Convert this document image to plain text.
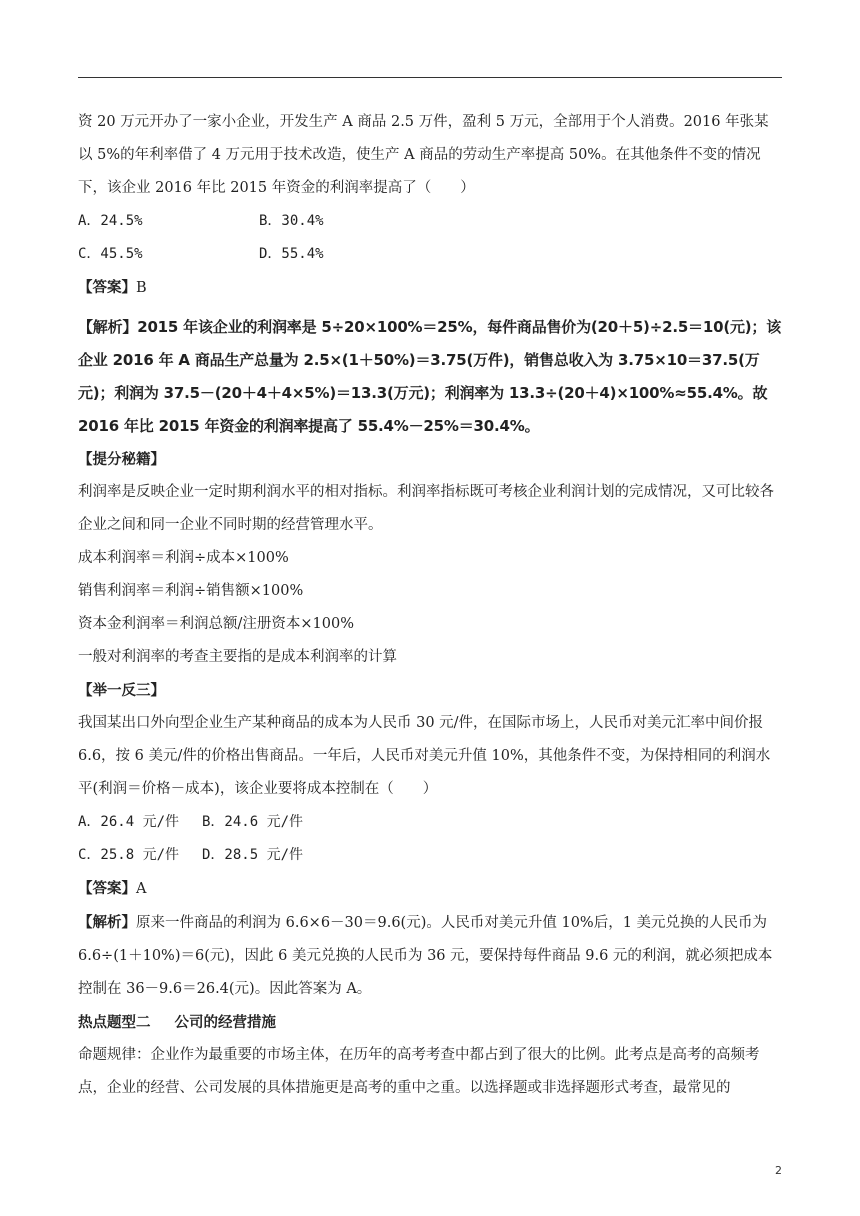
资 20 万元开办了一家小企业，开发生产 A 商品 2.5 万件，盈利 5 万元，全部用于个人消费。2016 年张某以 5%的年利率借了 4 万元用于技术改造，使生产 A 商品的劳动生产率提高 50%。在其他条件不变的情况下，该企业 2016 年比 2015 年资金的利润率提高了（　　）

A．24.5%	B．30.4%
C．45.5%	D．55.4%

【答案】B

【解析】2015 年该企业的利润率是 5÷20×100%＝25%，每件商品售价为(20＋5)÷2.5＝10(元)；该企业 2016 年 A 商品生产总量为 2.5×(1＋50%)＝3.75(万件)，销售总收入为 3.75×10＝37.5(万元)；利润为 37.5－(20＋4＋4×5%)＝13.3(万元)；利润率为 13.3÷(20＋4)×100%≈55.4%。故 2016 年比 2015 年资金的利润率提高了 55.4%－25%＝30.4%。

【提分秘籍】

利润率是反映企业一定时期利润水平的相对指标。利润率指标既可考核企业利润计划的完成情况，又可比较各企业之间和同一企业不同时期的经营管理水平。

成本利润率＝利润÷成本×100%

销售利润率＝利润÷销售额×100%

资本金利润率＝利润总额/注册资本×100%

一般对利润率的考查主要指的是成本利润率的计算

【举一反三】

我国某出口外向型企业生产某种商品的成本为人民币 30 元/件，在国际市场上，人民币对美元汇率中间价报 6.6，按 6 美元/件的价格出售商品。一年后，人民币对美元升值 10%，其他条件不变，为保持相同的利润水平(利润＝价格－成本)，该企业要将成本控制在（　　）

A．26.4 元/件	B．24.6 元/件
C．25.8 元/件	D．28.5 元/件

【答案】A

【解析】原来一件商品的利润为 6.6×6－30＝9.6(元)。人民币对美元升值 10%后，1 美元兑换的人民币为 6.6÷(1＋10%)＝6(元)，因此 6 美元兑换的人民币为 36 元，要保持每件商品 9.6 元的利润，就必须把成本控制在 36－9.6＝26.4(元)。因此答案为 A。

热点题型二 公司的经营措施

命题规律：企业作为最重要的市场主体，在历年的高考考查中都占到了很大的比例。此考点是高考的高频考点，企业的经营、公司发展的具体措施更是高考的重中之重。以选择题或非选择题形式考查，最常见的

2
